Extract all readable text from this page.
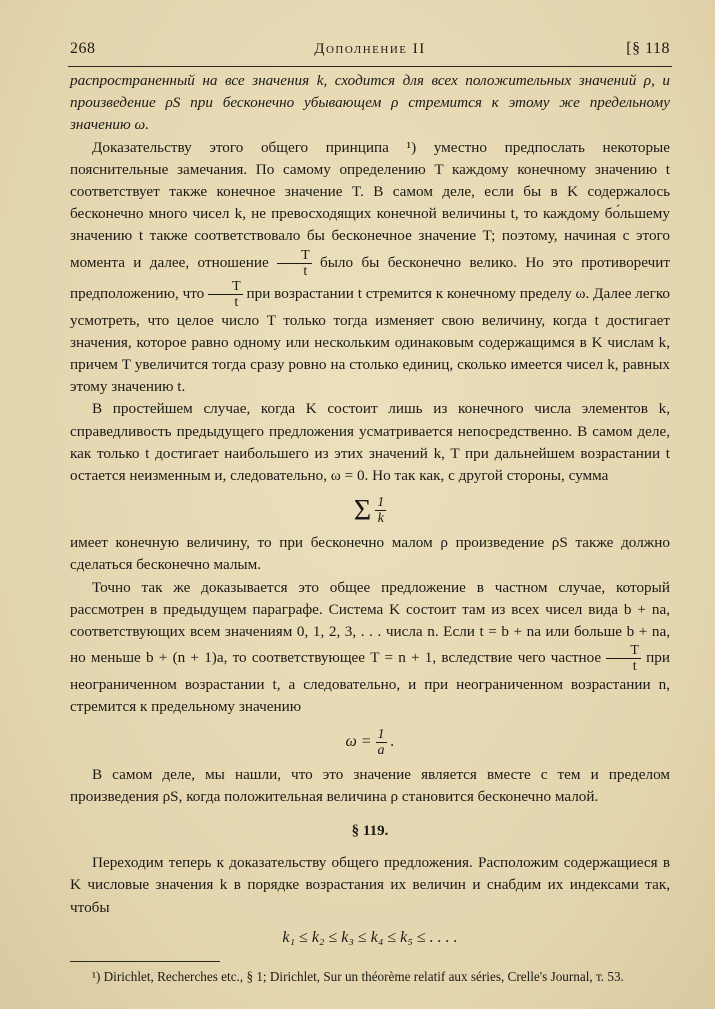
268	Дополнение II	[§ 118

распространенный на все значения k, сходится для всех положительных значений ρ, и произведение ρS при бесконечно убывающем ρ стремится к этому же предельному значению ω.

Доказательству этого общего принципа ¹) уместно предпослать некоторые пояснительные замечания. По самому определению T каждому конечному значению t соответствует также конечное значение T. В самом деле, если бы в K содержалось бесконечно много чисел k, не превосходящих конечной величины t, то каждому бо́льшему значению t также соответствовало бы бесконечное значение T; поэтому, начиная с этого момента и далее, отношение $\frac{T}{t}$ было бы бесконечно велико. Но это противоречит предположению, что $\frac{T}{t}$ при возрастании t стремится к конечному пределу ω. Далее легко усмотреть, что целое число T только тогда изменяет свою величину, когда t достигает значения, которое равно одному или нескольким одинаковым содержащимся в K числам k, причем T увеличится тогда сразу ровно на столько единиц, сколько имеется чисел k, равных этому значению t.

В простейшем случае, когда K состоит лишь из конечного числа элементов k, справедливость предыдущего предложения усматривается непосредственно. В самом деле, как только t достигает наибольшего из этих значений k, T при дальнейшем возрастании t остается неизменным и, следовательно, ω = 0. Но так как, с другой стороны, сумма

Σ $\frac{1}{k}$

имеет конечную величину, то при бесконечно малом ρ произведение ρS также должно сделаться бесконечно малым.

Точно так же доказывается это общее предложение в частном случае, который рассмотрен в предыдущем параграфе. Система K состоит там из всех чисел вида b + na, соответствующих всем значениям 0, 1, 2, 3, . . . числа n. Если t = b + na или больше b + na, но меньше b + (n + 1)a, то соответствующее T = n + 1, вследствие чего частное $\frac{T}{t}$ при неограниченном возрастании t, а следовательно, и при неограниченном возрастании n, стремится к предельному значению

$\omega = \frac{1}{a}$ .

В самом деле, мы нашли, что это значение является вместе с тем и пределом произведения ρS, когда положительная величина ρ становится бесконечно малой.

§ 119.

Переходим теперь к доказательству общего предложения. Расположим содержащиеся в K числовые значения k в порядке возрастания их величин и снабдим их индексами так, чтобы

k₁ ≤ k₂ ≤ k₃ ≤ k₄ ≤ k₅ ≤ . . . .

¹) Dirichlet, Recherches etc., § 1; Dirichlet, Sur un théorème relatif aux séries, Crelle's Journal, т. 53.
